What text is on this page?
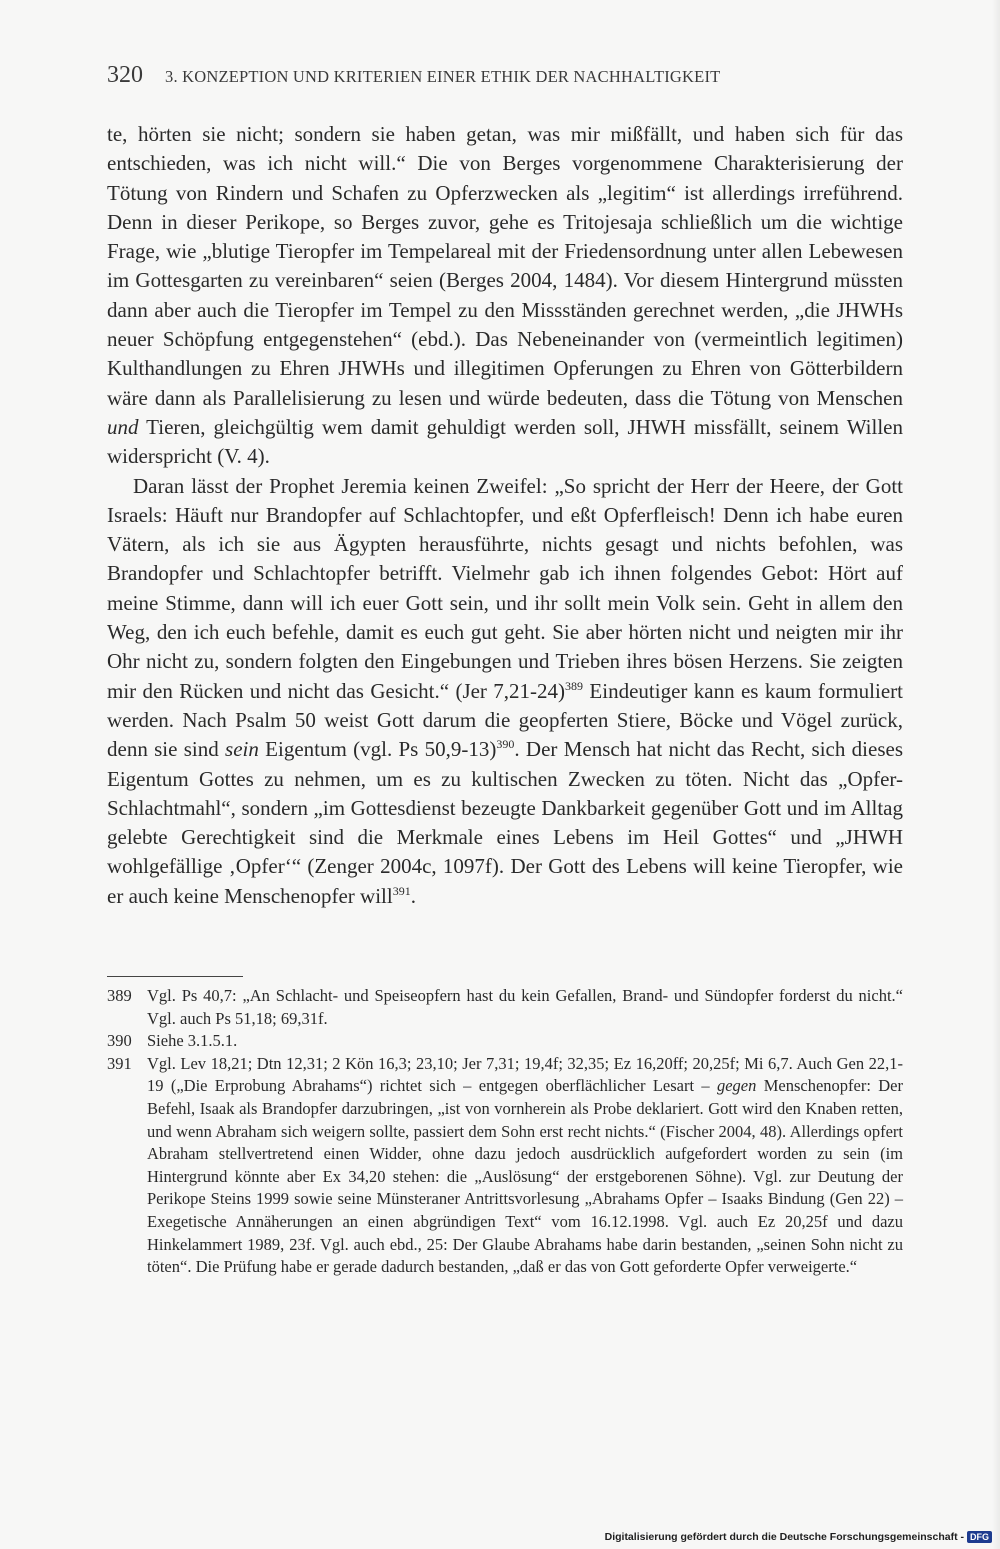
320 3. KONZEPTION UND KRITERIEN EINER ETHIK DER NACHHALTIGKEIT

te, hörten sie nicht; sondern sie haben getan, was mir mißfällt, und haben sich für das entschieden, was ich nicht will.“ Die von Berges vorgenommene Charakterisierung der Tötung von Rindern und Schafen zu Opferzwecken als „legitim“ ist allerdings irreführend. Denn in dieser Perikope, so Berges zuvor, gehe es Tritojesaja schließlich um die wichtige Frage, wie „blutige Tieropfer im Tempelareal mit der Friedensordnung unter allen Lebewesen im Gottesgarten zu vereinbaren“ seien (Berges 2004, 1484). Vor diesem Hintergrund müssten dann aber auch die Tieropfer im Tempel zu den Missständen gerechnet werden, „die JHWHs neuer Schöpfung entgegenstehen“ (ebd.). Das Nebeneinander von (vermeintlich legitimen) Kulthandlungen zu Ehren JHWHs und illegitimen Opferungen zu Ehren von Götterbildern wäre dann als Parallelisierung zu lesen und würde bedeuten, dass die Tötung von Menschen und Tieren, gleichgültig wem damit gehuldigt werden soll, JHWH missfällt, seinem Willen widerspricht (V. 4).

Daran lässt der Prophet Jeremia keinen Zweifel: „So spricht der Herr der Heere, der Gott Israels: Häuft nur Brandopfer auf Schlachtopfer, und eßt Opferfleisch! Denn ich habe euren Vätern, als ich sie aus Ägypten herausführte, nichts gesagt und nichts befohlen, was Brandopfer und Schlachtopfer betrifft. Vielmehr gab ich ihnen folgendes Gebot: Hört auf meine Stimme, dann will ich euer Gott sein, und ihr sollt mein Volk sein. Geht in allem den Weg, den ich euch befehle, damit es euch gut geht. Sie aber hörten nicht und neigten mir ihr Ohr nicht zu, sondern folgten den Eingebungen und Trieben ihres bösen Herzens. Sie zeigten mir den Rücken und nicht das Gesicht.“ (Jer 7,21-24)$^{389}$ Eindeutiger kann es kaum formuliert werden. Nach Psalm 50 weist Gott darum die geopferten Stiere, Böcke und Vögel zurück, denn sie sind sein Eigentum (vgl. Ps 50,9-13)$^{390}$. Der Mensch hat nicht das Recht, sich dieses Eigentum Gottes zu nehmen, um es zu kultischen Zwecken zu töten. Nicht das „Opfer-Schlachtmahl“, sondern „im Gottesdienst bezeugte Dankbarkeit gegenüber Gott und im Alltag gelebte Gerechtigkeit sind die Merkmale eines Lebens im Heil Gottes“ und „JHWH wohlgefällige ‚Opfer‘“ (Zenger 2004c, 1097f). Der Gott des Lebens will keine Tieropfer, wie er auch keine Menschenopfer will$^{391}$.

389 Vgl. Ps 40,7: „An Schlacht- und Speiseopfern hast du kein Gefallen, Brand- und Sündopfer forderst du nicht.“ Vgl. auch Ps 51,18; 69,31f.
390 Siehe 3.1.5.1.
391 Vgl. Lev 18,21; Dtn 12,31; 2 Kön 16,3; 23,10; Jer 7,31; 19,4f; 32,35; Ez 16,20ff; 20,25f; Mi 6,7. Auch Gen 22,1-19 („Die Erprobung Abrahams“) richtet sich – entgegen oberflächlicher Lesart – gegen Menschenopfer: Der Befehl, Isaak als Brandopfer darzubringen, „ist von vornherein als Probe deklariert. Gott wird den Knaben retten, und wenn Abraham sich weigern sollte, passiert dem Sohn erst recht nichts.“ (Fischer 2004, 48). Allerdings opfert Abraham stellvertretend einen Widder, ohne dazu jedoch ausdrücklich aufgefordert worden zu sein (im Hintergrund könnte aber Ex 34,20 stehen: die „Auslösung“ der erstgeborenen Söhne). Vgl. zur Deutung der Perikope Steins 1999 sowie seine Münsteraner Antrittsvorlesung „Abrahams Opfer – Isaaks Bindung (Gen 22) – Exegetische Annäherungen an einen abgründigen Text“ vom 16.12.1998. Vgl. auch Ez 20,25f und dazu Hinkelammert 1989, 23f. Vgl. auch ebd., 25: Der Glaube Abrahams habe darin bestanden, „seinen Sohn nicht zu töten“. Die Prüfung habe er gerade dadurch bestanden, „daß er das von Gott geforderte Opfer verweigerte.“
Digitalisierung gefördert durch die Deutsche Forschungsgemeinschaft - DFG
